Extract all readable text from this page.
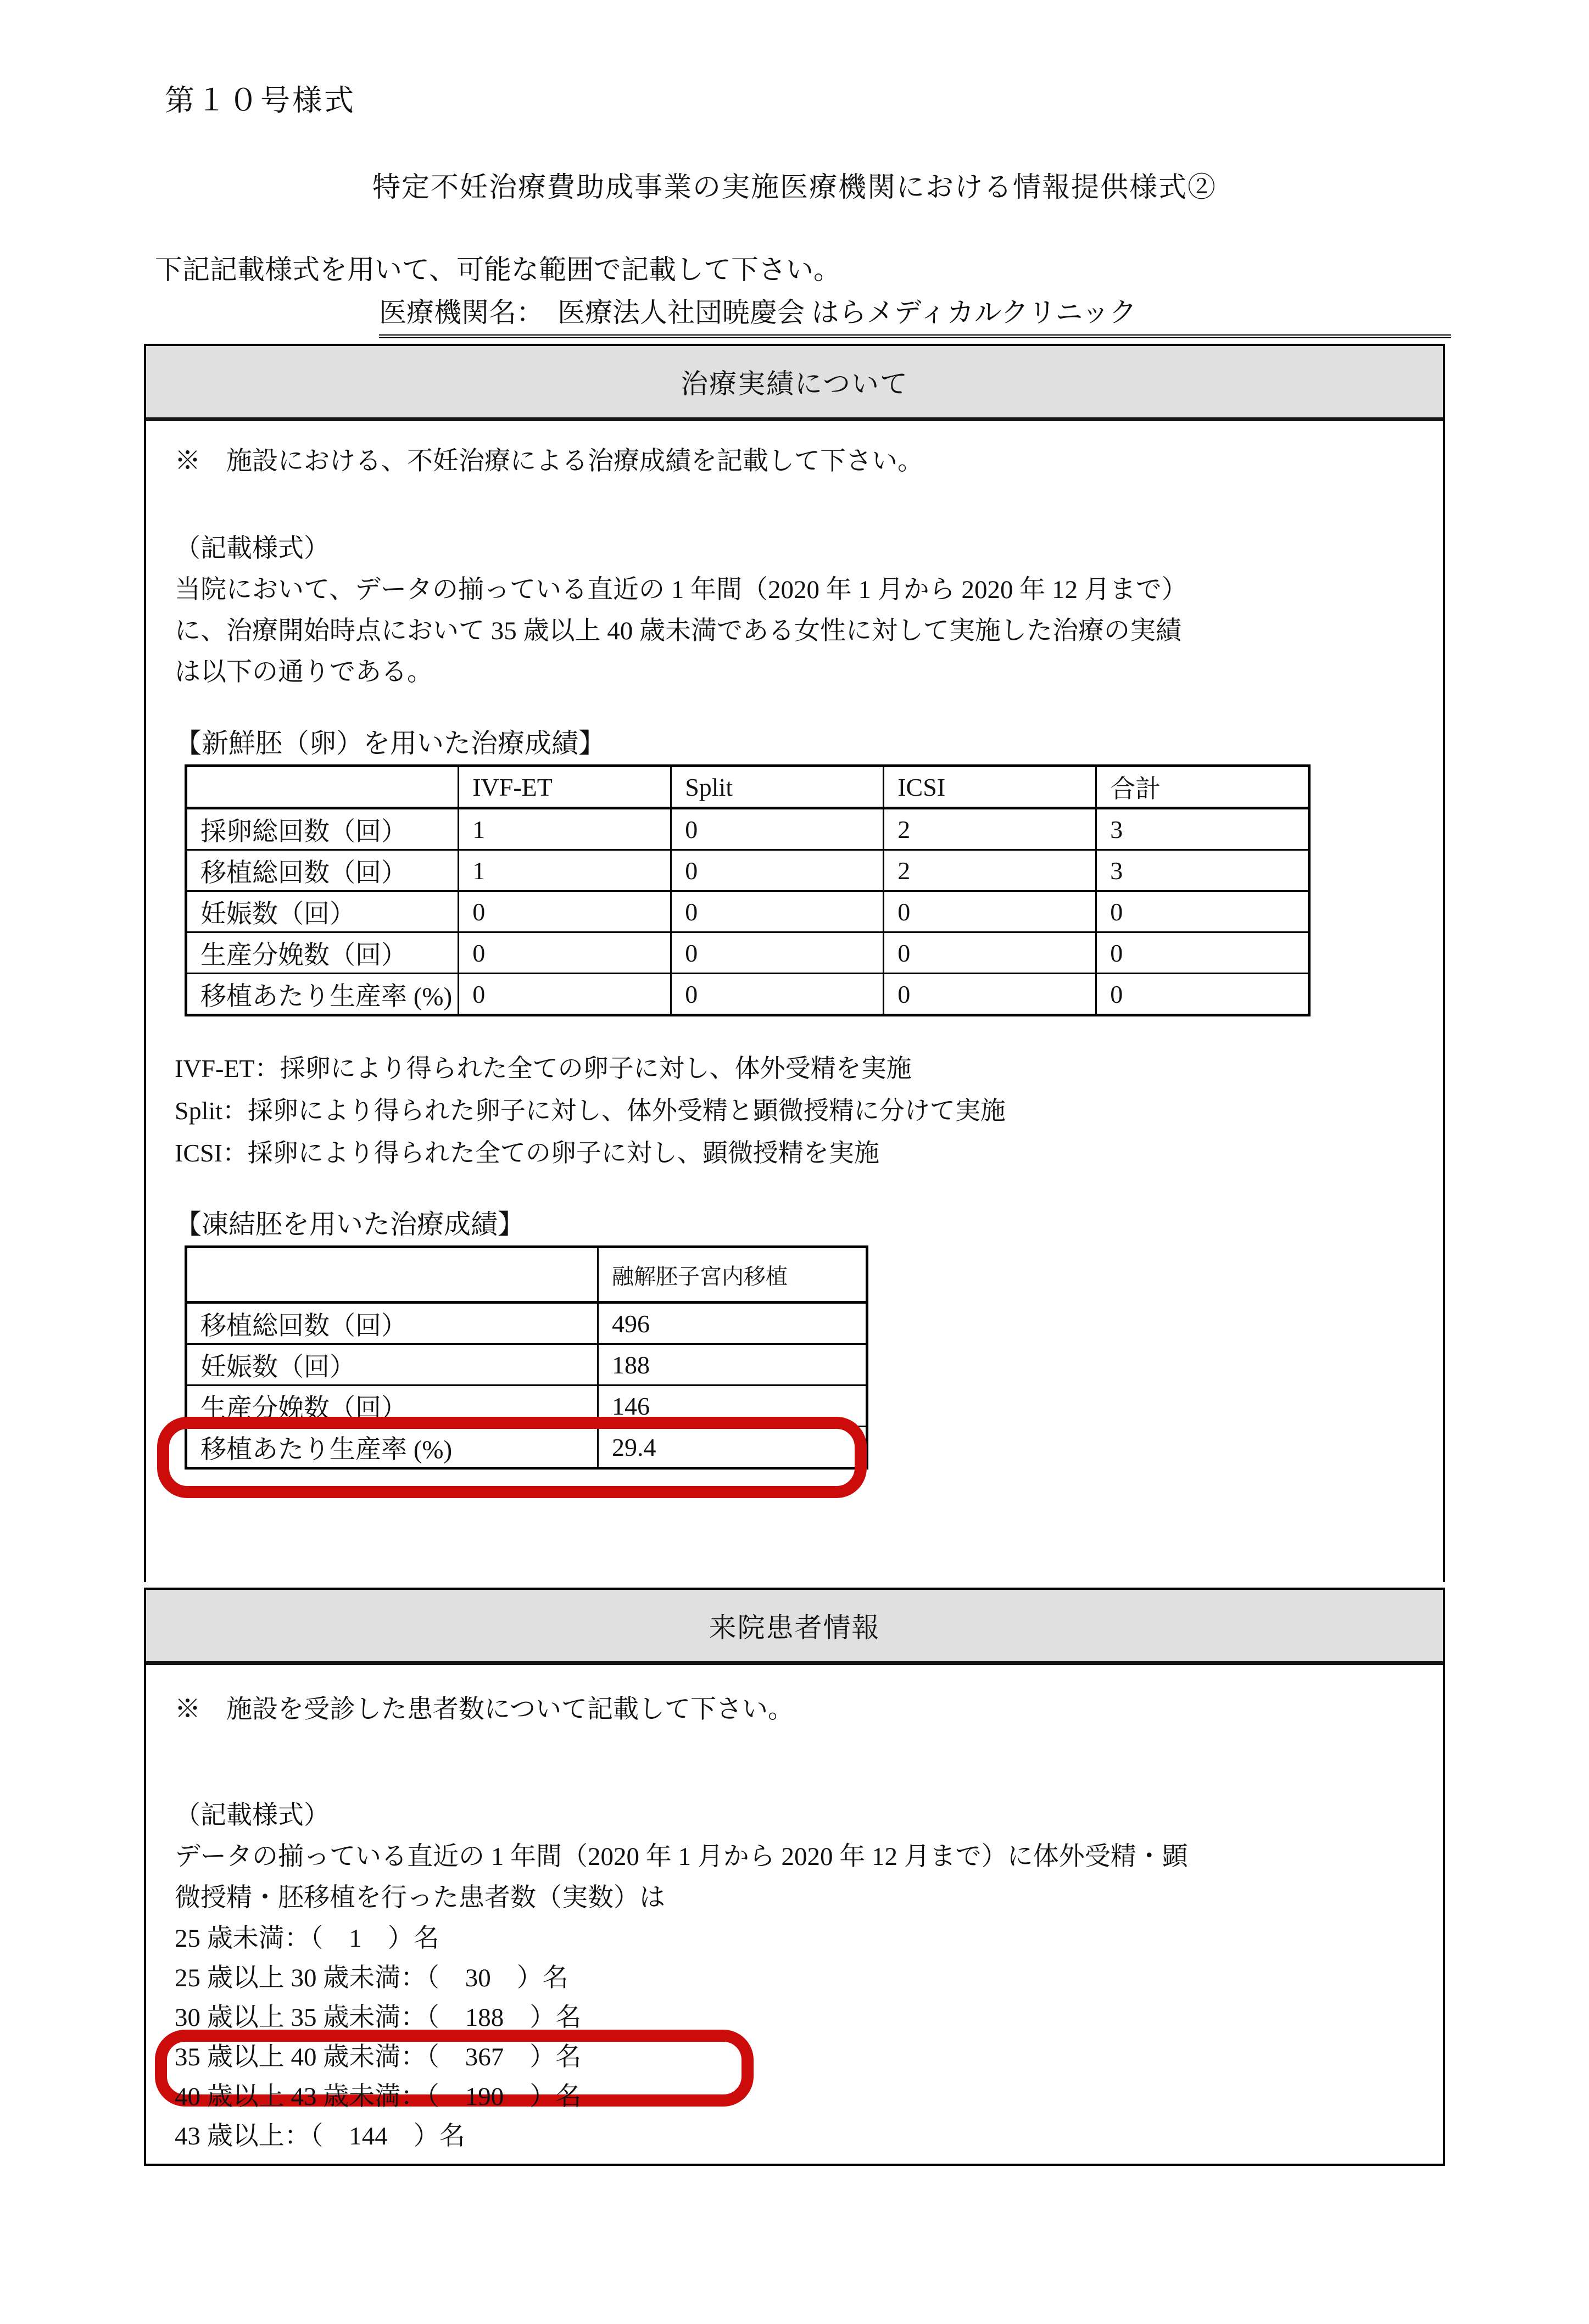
第１０号様式
特定不妊治療費助成事業の実施医療機関における情報提供様式②
下記記載様式を用いて、可能な範囲で記載して下さい。
医療機関名：　 医療法人社団暁慶会 はらメディカルクリニック
治療実績について
※　施設における、不妊治療による治療成績を記載して下さい。
（記載様式）
当院において、データの揃っている直近の 1 年間（2020 年 1 月から 2020 年 12 月まで）
に、治療開始時点において 35 歳以上 40 歳未満である女性に対して実施した治療の実績
は以下の通りである。
【新鮮胚（卵）を用いた治療成績】
	IVF-ET	Split	ICSI	合計
採卵総回数（回）	1	0	2	3
移植総回数（回）	1	0	2	3
妊娠数（回）	0	0	0	0
生産分娩数（回）	0	0	0	0
移植あたり生産率 (%)	0	0	0	0
IVF-ET：採卵により得られた全ての卵子に対し、体外受精を実施
Split：採卵により得られた卵子に対し、体外受精と顕微授精に分けて実施
ICSI：採卵により得られた全ての卵子に対し、顕微授精を実施
【凍結胚を用いた治療成績】
	融解胚子宮内移植
移植総回数（回）	496
妊娠数（回）	188
生産分娩数（回）	146
移植あたり生産率 (%)	29.4
来院患者情報
※　施設を受診した患者数について記載して下さい。
（記載様式）
データの揃っている直近の 1 年間（2020 年 1 月から 2020 年 12 月まで）に体外受精・顕
微授精・胚移植を行った患者数（実数）は
25 歳未満：（　1　）名
25 歳以上 30 歳未満：（　30　）名
30 歳以上 35 歳未満：（　188　）名
35 歳以上 40 歳未満：（　367　）名
40 歳以上 43 歳未満：（　190　）名
43 歳以上：（　144　）名
